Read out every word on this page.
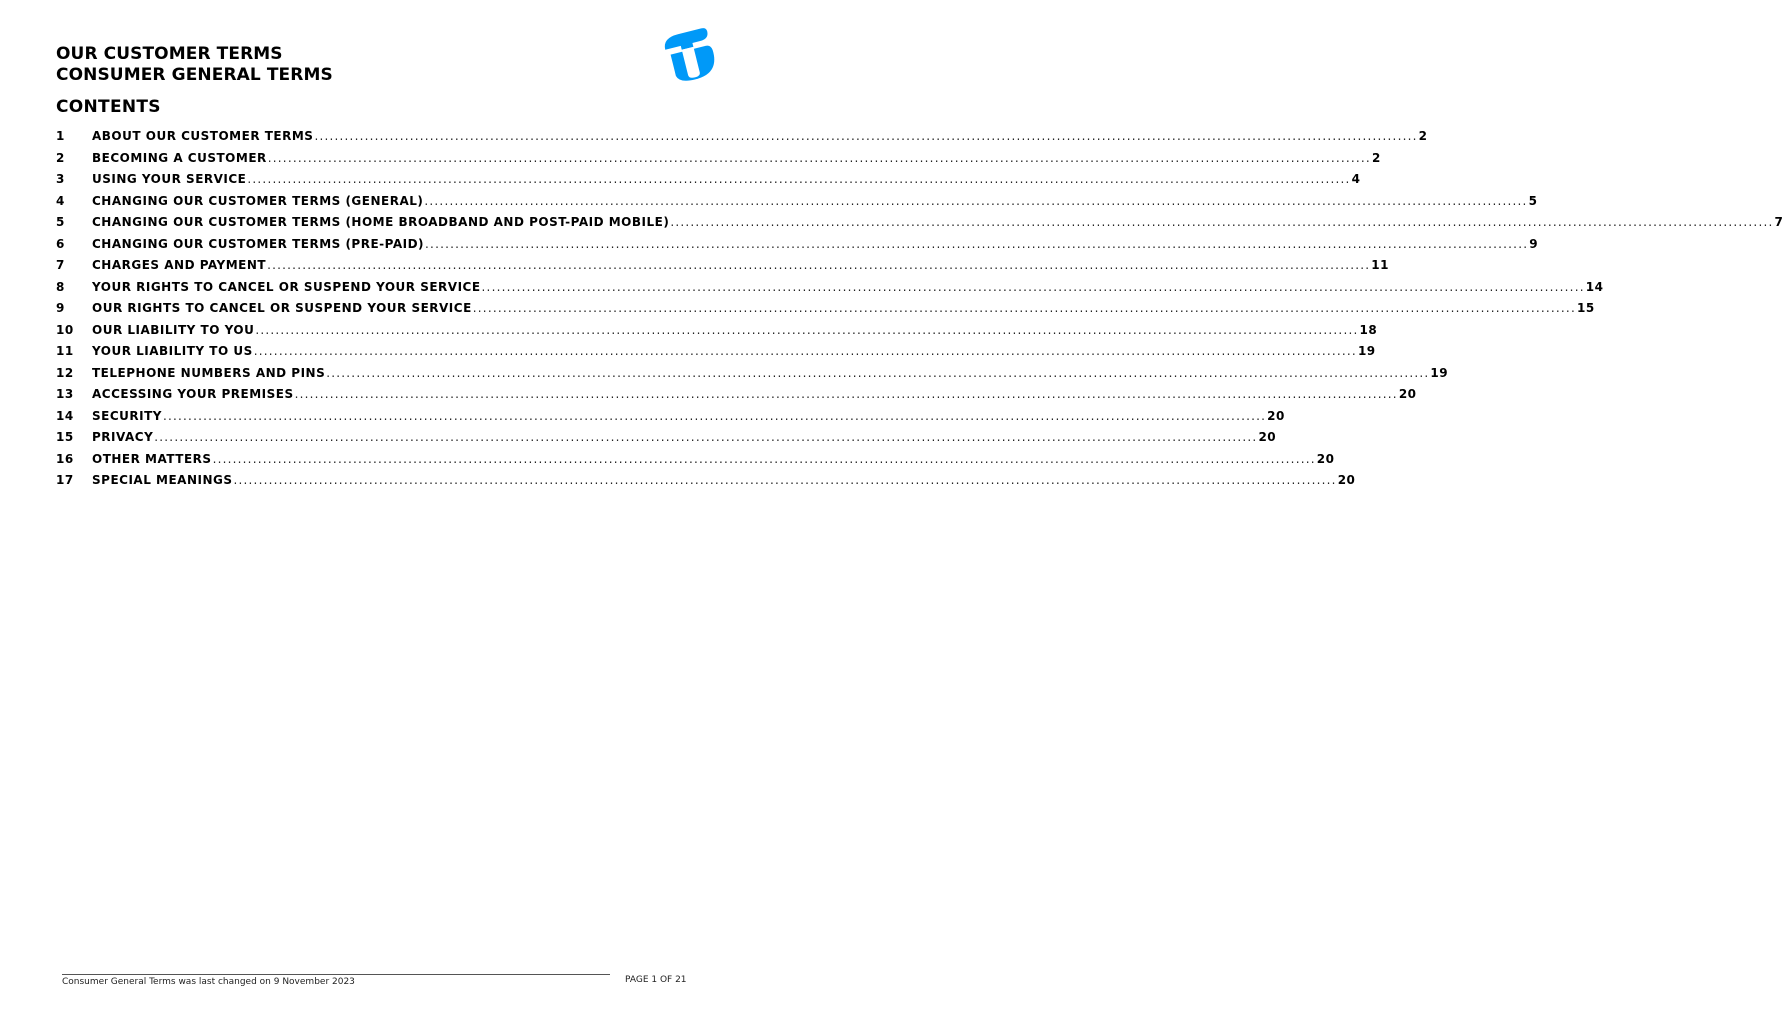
OUR CUSTOMER TERMS
CONSUMER GENERAL TERMS
CONTENTS
1	ABOUT OUR CUSTOMER TERMS ............................................................................................................................................................................................................................ 2
2	BECOMING A CUSTOMER ............................................................................................................................................................................................................................ 2
3	USING YOUR SERVICE ............................................................................................................................................................................................................................ 4
4	CHANGING OUR CUSTOMER TERMS (GENERAL) ............................................................................................................................................................................................................................ 5
5	CHANGING OUR CUSTOMER TERMS (HOME BROADBAND AND POST-PAID MOBILE) ............................................................................................................................................................................................................................ 7
6	CHANGING OUR CUSTOMER TERMS (PRE-PAID) ............................................................................................................................................................................................................................ 9
7	CHARGES AND PAYMENT ............................................................................................................................................................................................................................ 11
8	YOUR RIGHTS TO CANCEL OR SUSPEND YOUR SERVICE ............................................................................................................................................................................................................................ 14
9	OUR RIGHTS TO CANCEL OR SUSPEND YOUR SERVICE ............................................................................................................................................................................................................................ 15
10	OUR LIABILITY TO YOU ............................................................................................................................................................................................................................ 18
11	YOUR LIABILITY TO US ............................................................................................................................................................................................................................ 19
12	TELEPHONE NUMBERS AND PINS ............................................................................................................................................................................................................................ 19
13	ACCESSING YOUR PREMISES ............................................................................................................................................................................................................................ 20
14	SECURITY ............................................................................................................................................................................................................................ 20
15	PRIVACY ............................................................................................................................................................................................................................ 20
16	OTHER MATTERS ............................................................................................................................................................................................................................ 20
17	SPECIAL MEANINGS ............................................................................................................................................................................................................................ 20
Consumer General Terms was last changed on 9 November 2023	PAGE 1 OF 21
